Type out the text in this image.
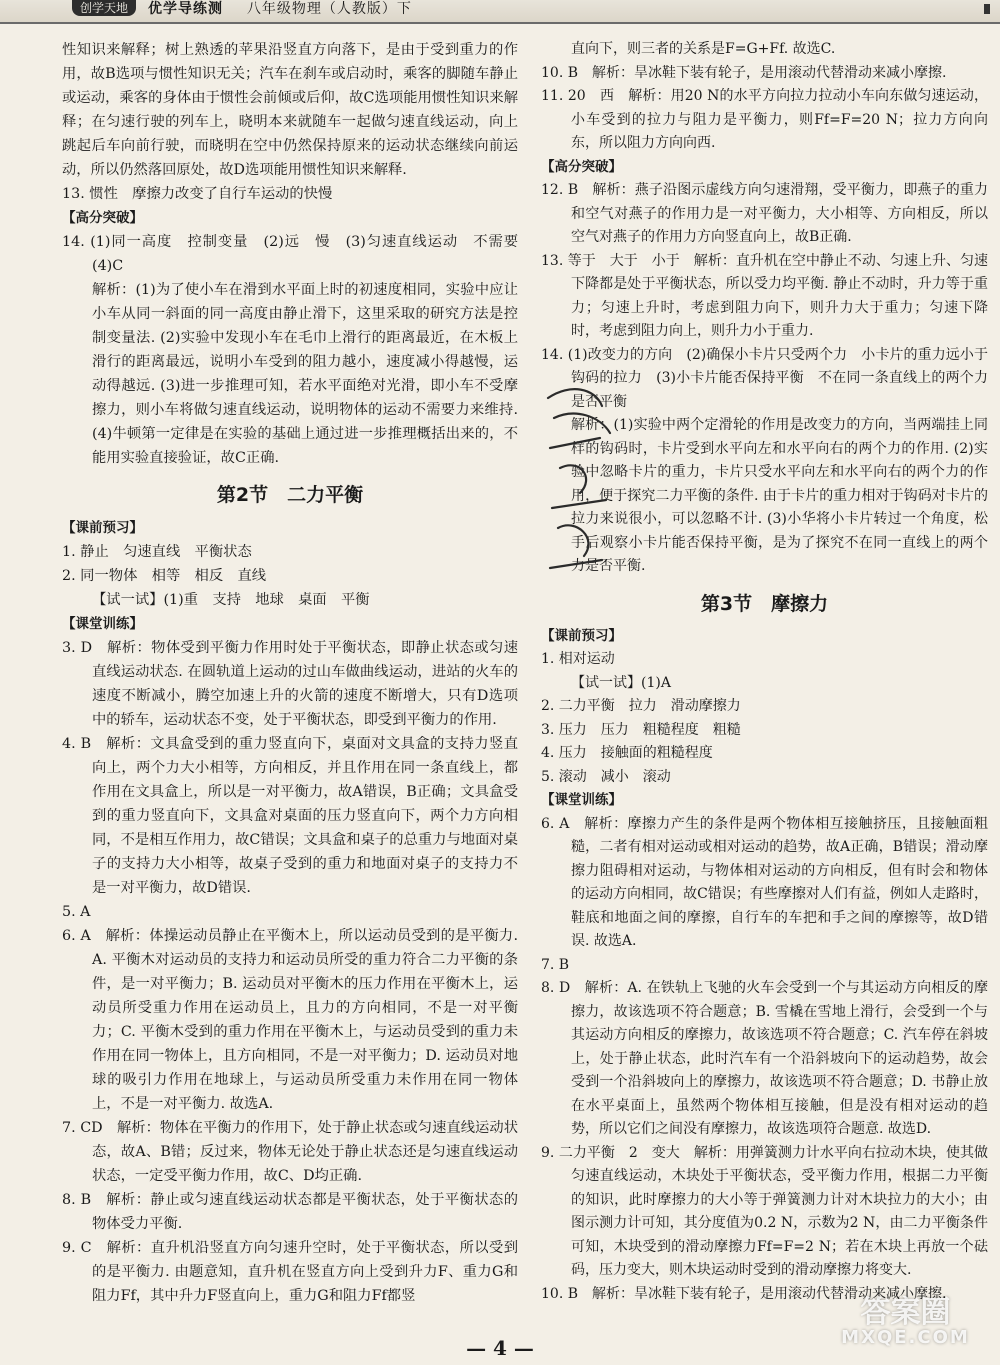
创学天地	优学导练测 八年级物理（人教版）下

性知识来解释；树上熟透的苹果沿竖直方向落下，是由于受到重力的作用，故B选项与惯性知识无关；汽车在刹车或启动时，乘客的脚随车静止或运动，乘客的身体由于惯性会前倾或后仰，故C选项能用惯性知识来解释；在匀速行驶的列车上，晓明本来就随车一起做匀速直线运动，向上跳起后车向前行驶，而晓明在空中仍然保持原来的运动状态继续向前运动，所以仍然落回原处，故D选项能用惯性知识来解释.

13. 惯性　摩擦力改变了自行车运动的快慢

【高分突破】

14. (1)同一高度　控制变量　(2)远　慢　(3)匀速直线运动　不需要　(4)C

解析：(1)为了使小车在滑到水平面上时的初速度相同，实验中应让小车从同一斜面的同一高度由静止滑下，这里采取的研究方法是控制变量法. (2)实验中发现小车在毛巾上滑行的距离最近，在木板上滑行的距离最远，说明小车受到的阻力越小，速度减小得越慢，运动得越远. (3)进一步推理可知，若水平面绝对光滑，即小车不受摩擦力，则小车将做匀速直线运动，说明物体的运动不需要力来维持. (4)牛顿第一定律是在实验的基础上通过进一步推理概括出来的，不能用实验直接验证，故C正确.

第2节　二力平衡

【课前预习】

1. 静止　匀速直线　平衡状态

2. 同一物体　相等　相反　直线

【试一试】(1)重　支持　地球　桌面　平衡

【课堂训练】

3. D　解析：物体受到平衡力作用时处于平衡状态，即静止状态或匀速直线运动状态. 在圆轨道上运动的过山车做曲线运动，进站的火车的速度不断减小，腾空加速上升的火箭的速度不断增大，只有D选项中的轿车，运动状态不变，处于平衡状态，即受到平衡力的作用.

4. B　解析：文具盒受到的重力竖直向下，桌面对文具盒的支持力竖直向上，两个力大小相等，方向相反，并且作用在同一条直线上，都作用在文具盒上，所以是一对平衡力，故A错误，B正确；文具盒受到的重力竖直向下，文具盒对桌面的压力竖直向下，两个力方向相同，不是相互作用力，故C错误；文具盒和桌子的总重力与地面对桌子的支持力大小相等，故桌子受到的重力和地面对桌子的支持力不是一对平衡力，故D错误.

5. A

6. A　解析：体操运动员静止在平衡木上，所以运动员受到的是平衡力. A. 平衡木对运动员的支持力和运动员所受的重力符合二力平衡的条件，是一对平衡力；B. 运动员对平衡木的压力作用在平衡木上，运动员所受重力作用在运动员上，且力的方向相同，不是一对平衡力；C. 平衡木受到的重力作用在平衡木上，与运动员受到的重力未作用在同一物体上，且方向相同，不是一对平衡力；D. 运动员对地球的吸引力作用在地球上，与运动员所受重力未作用在同一物体上，不是一对平衡力. 故选A.

7. CD　解析：物体在平衡力的作用下，处于静止状态或匀速直线运动状态，故A、B错；反过来，物体无论处于静止状态还是匀速直线运动状态，一定受平衡力作用，故C、D均正确.

8. B　解析：静止或匀速直线运动状态都是平衡状态，处于平衡状态的物体受力平衡.

9. C　解析：直升机沿竖直方向匀速升空时，处于平衡状态，所以受到的是平衡力. 由题意知，直升机在竖直方向上受到升力F、重力G和阻力Ff，其中升力F竖直向上，重力G和阻力Ff都竖

直向下，则三者的关系是F=G+Ff. 故选C.

10. B　解析：旱冰鞋下装有轮子，是用滚动代替滑动来减小摩擦.

11. 20　西　解析：用20 N的水平方向拉力拉动小车向东做匀速运动，小车受到的拉力与阻力是平衡力，则Ff=F=20 N；拉力方向向东，所以阻力方向向西.

【高分突破】

12. B　解析：燕子沿图示虚线方向匀速滑翔，受平衡力，即燕子的重力和空气对燕子的作用力是一对平衡力，大小相等、方向相反，所以空气对燕子的作用力方向竖直向上，故B正确.

13. 等于　大于　小于　解析：直升机在空中静止不动、匀速上升、匀速下降都是处于平衡状态，所以受力均平衡. 静止不动时，升力等于重力；匀速上升时，考虑到阻力向下，则升力大于重力；匀速下降时，考虑到阻力向上，则升力小于重力.

14. (1)改变力的方向　(2)确保小卡片只受两个力　小卡片的重力远小于钩码的拉力　(3)小卡片能否保持平衡　不在同一条直线上的两个力是否平衡

解析：(1)实验中两个定滑轮的作用是改变力的方向，当两端挂上同样的钩码时，卡片受到水平向左和水平向右的两个力的作用. (2)实验中忽略卡片的重力，卡片只受水平向左和水平向右的两个力的作用，便于探究二力平衡的条件. 由于卡片的重力相对于钩码对卡片的拉力来说很小，可以忽略不计. (3)小华将小卡片转过一个角度，松手后观察小卡片能否保持平衡，是为了探究不在同一直线上的两个力是否平衡.

第3节　摩擦力

【课前预习】

1. 相对运动

【试一试】(1)A

2. 二力平衡　拉力　滑动摩擦力

3. 压力　压力　粗糙程度　粗糙

4. 压力　接触面的粗糙程度

5. 滚动　减小　滚动

【课堂训练】

6. A　解析：摩擦力产生的条件是两个物体相互接触挤压，且接触面粗糙，二者有相对运动或相对运动的趋势，故A正确，B错误；滑动摩擦力阻碍相对运动，与物体相对运动的方向相反，但有时会和物体的运动方向相同，故C错误；有些摩擦对人们有益，例如人走路时，鞋底和地面之间的摩擦，自行车的车把和手之间的摩擦等，故D错误. 故选A.

7. B

8. D　解析：A. 在铁轨上飞驰的火车会受到一个与其运动方向相反的摩擦力，故该选项不符合题意；B. 雪橇在雪地上滑行，会受到一个与其运动方向相反的摩擦力，故该选项不符合题意；C. 汽车停在斜坡上，处于静止状态，此时汽车有一个沿斜坡向下的运动趋势，故会受到一个沿斜坡向上的摩擦力，故该选项不符合题意；D. 书静止放在水平桌面上，虽然两个物体相互接触，但是没有相对运动的趋势，所以它们之间没有摩擦力，故该选项符合题意. 故选D.

9. 二力平衡　2　变大　解析：用弹簧测力计水平向右拉动木块，使其做匀速直线运动，木块处于平衡状态，受平衡力作用，根据二力平衡的知识，此时摩擦力的大小等于弹簧测力计对木块拉力的大小；由图示测力计可知，其分度值为0.2 N，示数为2 N，由二力平衡条件可知，木块受到的滑动摩擦力Ff=F=2 N；若在木块上再放一个砝码，压力变大，则木块运动时受到的滑动摩擦力将变大.

10. B　解析：旱冰鞋下装有轮子，是用滚动代替滑动来减小摩擦.

— 4 —
答案圈
MXQE.COM
